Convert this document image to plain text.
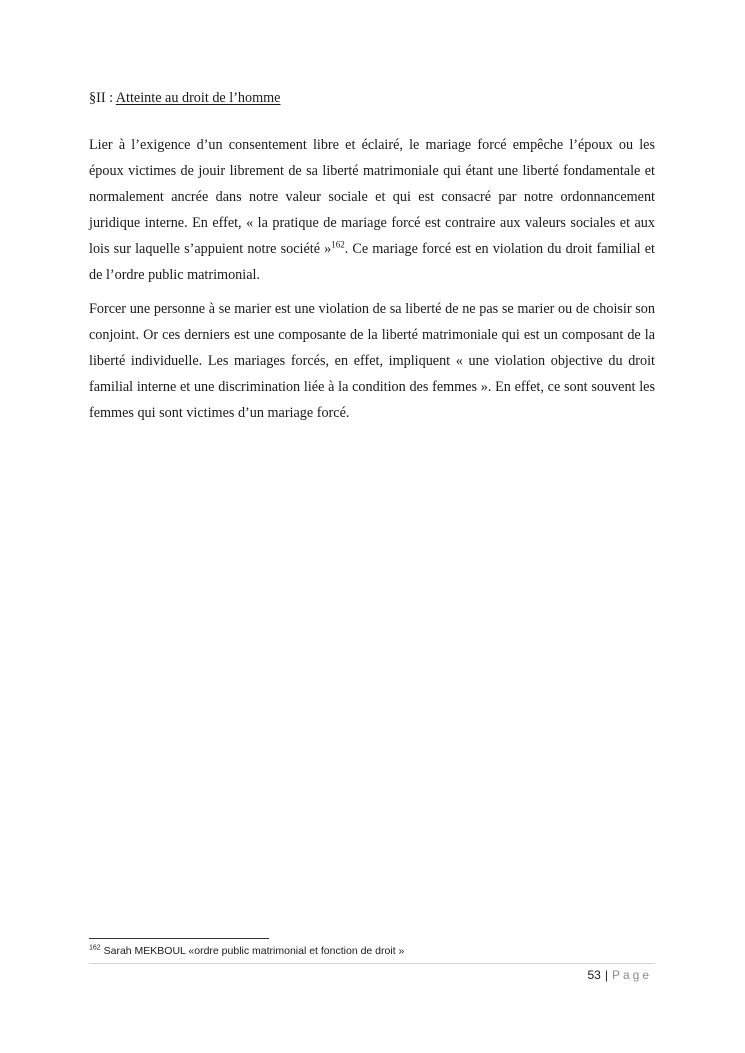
§II : Atteinte au droit de l’homme

Lier à l’exigence d’un consentement libre et éclairé, le mariage forcé empêche l’époux ou les époux victimes de jouir librement de sa liberté matrimoniale qui étant une liberté fondamentale et normalement ancrée dans notre valeur sociale et qui est consacré par notre ordonnancement juridique interne. En effet, « la pratique de mariage forcé est contraire aux valeurs sociales et aux lois sur laquelle s’appuient notre société »$^{162}$. Ce mariage forcé est en violation du droit familial et de l’ordre public matrimonial.

Forcer une personne à se marier est une violation de sa liberté de ne pas se marier ou de choisir son conjoint. Or ces derniers est une composante de la liberté matrimoniale qui est un composant de la liberté individuelle. Les mariages forcés, en effet, impliquent « une violation objective du droit familial interne et une discrimination liée à la condition des femmes ». En effet, ce sont souvent les femmes qui sont victimes d’un mariage forcé.

$^{162}$ Sarah MEKBOUL «ordre public matrimonial et fonction de droit »
53 | Page
